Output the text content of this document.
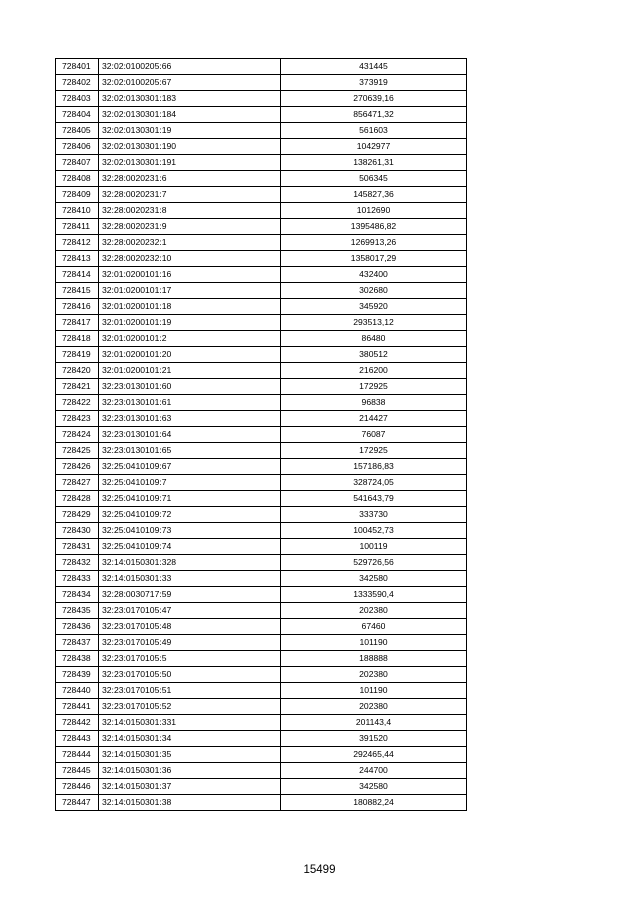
728401	32:02:0100205:66	431445
728402	32:02:0100205:67	373919
728403	32:02:0130301:183	270639,16
728404	32:02:0130301:184	856471,32
728405	32:02:0130301:19	561603
728406	32:02:0130301:190	1042977
728407	32:02:0130301:191	138261,31
728408	32:28:0020231:6	506345
728409	32:28:0020231:7	145827,36
728410	32:28:0020231:8	1012690
728411	32:28:0020231:9	1395486,82
728412	32:28:0020232:1	1269913,26
728413	32:28:0020232:10	1358017,29
728414	32:01:0200101:16	432400
728415	32:01:0200101:17	302680
728416	32:01:0200101:18	345920
728417	32:01:0200101:19	293513,12
728418	32:01:0200101:2	86480
728419	32:01:0200101:20	380512
728420	32:01:0200101:21	216200
728421	32:23:0130101:60	172925
728422	32:23:0130101:61	96838
728423	32:23:0130101:63	214427
728424	32:23:0130101:64	76087
728425	32:23:0130101:65	172925
728426	32:25:0410109:67	157186,83
728427	32:25:0410109:7	328724,05
728428	32:25:0410109:71	541643,79
728429	32:25:0410109:72	333730
728430	32:25:0410109:73	100452,73
728431	32:25:0410109:74	100119
728432	32:14:0150301:328	529726,56
728433	32:14:0150301:33	342580
728434	32:28:0030717:59	1333590,4
728435	32:23:0170105:47	202380
728436	32:23:0170105:48	67460
728437	32:23:0170105:49	101190
728438	32:23:0170105:5	188888
728439	32:23:0170105:50	202380
728440	32:23:0170105:51	101190
728441	32:23:0170105:52	202380
728442	32:14:0150301:331	201143,4
728443	32:14:0150301:34	391520
728444	32:14:0150301:35	292465,44
728445	32:14:0150301:36	244700
728446	32:14:0150301:37	342580
728447	32:14:0150301:38	180882,24
15499
